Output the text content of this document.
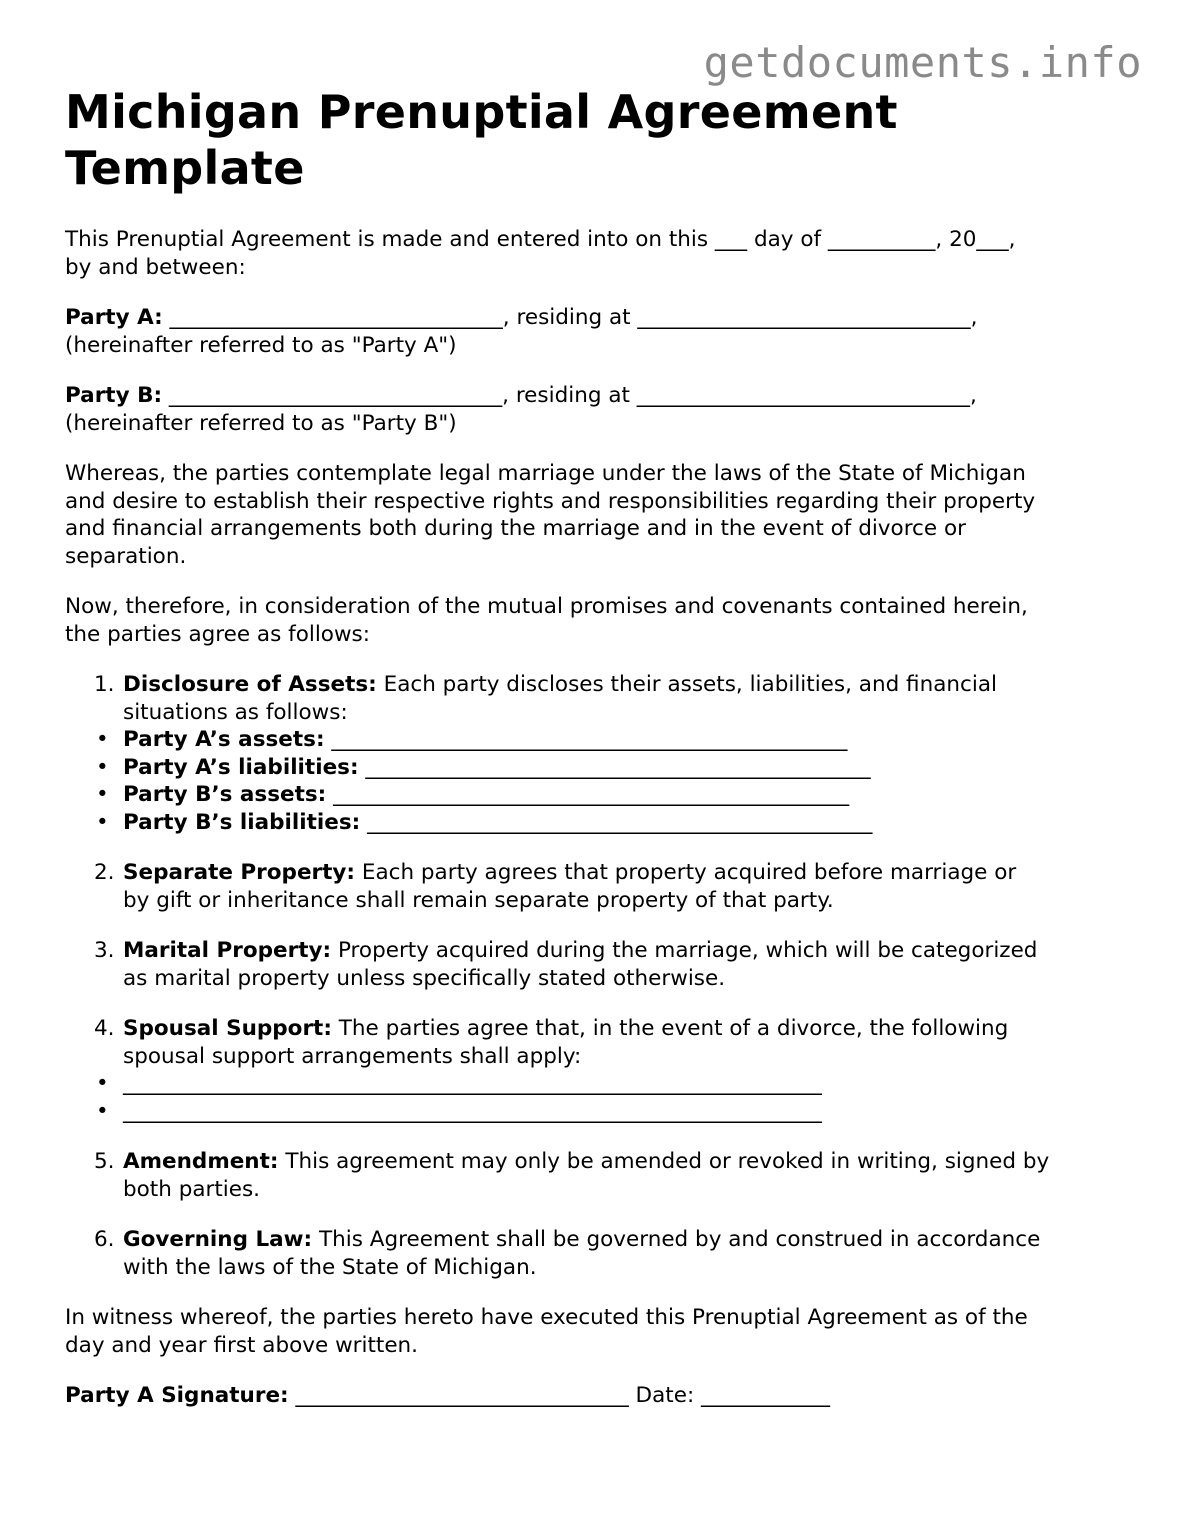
getdocuments.info
Michigan Prenuptial Agreement Template

This Prenuptial Agreement is made and entered into on this ___ day of __________, 20___,
by and between:

Party A: _______________________________, residing at _______________________________,
(hereinafter referred to as "Party A")

Party B: _______________________________, residing at _______________________________,
(hereinafter referred to as "Party B")

Whereas, the parties contemplate legal marriage under the laws of the State of Michigan
and desire to establish their respective rights and responsibilities regarding their property
and financial arrangements both during the marriage and in the event of divorce or
separation.

Now, therefore, in consideration of the mutual promises and covenants contained herein,
the parties agree as follows:

1. Disclosure of Assets: Each party discloses their assets, liabilities, and financial
situations as follows:

• Party A’s assets: ________________________________________________
• Party A’s liabilities: _______________________________________________
• Party B’s assets: ________________________________________________
• Party B’s liabilities: _______________________________________________

2. Separate Property: Each party agrees that property acquired before marriage or
by gift or inheritance shall remain separate property of that party.

3. Marital Property: Property acquired during the marriage, which will be categorized
as marital property unless specifically stated otherwise.

4. Spousal Support: The parties agree that, in the event of a divorce, the following
spousal support arrangements shall apply:

• _________________________________________________________________
• _________________________________________________________________

5. Amendment: This agreement may only be amended or revoked in writing, signed by
both parties.

6. Governing Law: This Agreement shall be governed by and construed in accordance
with the laws of the State of Michigan.

In witness whereof, the parties hereto have executed this Prenuptial Agreement as of the
day and year first above written.

Party A Signature: _______________________________ Date: ____________
